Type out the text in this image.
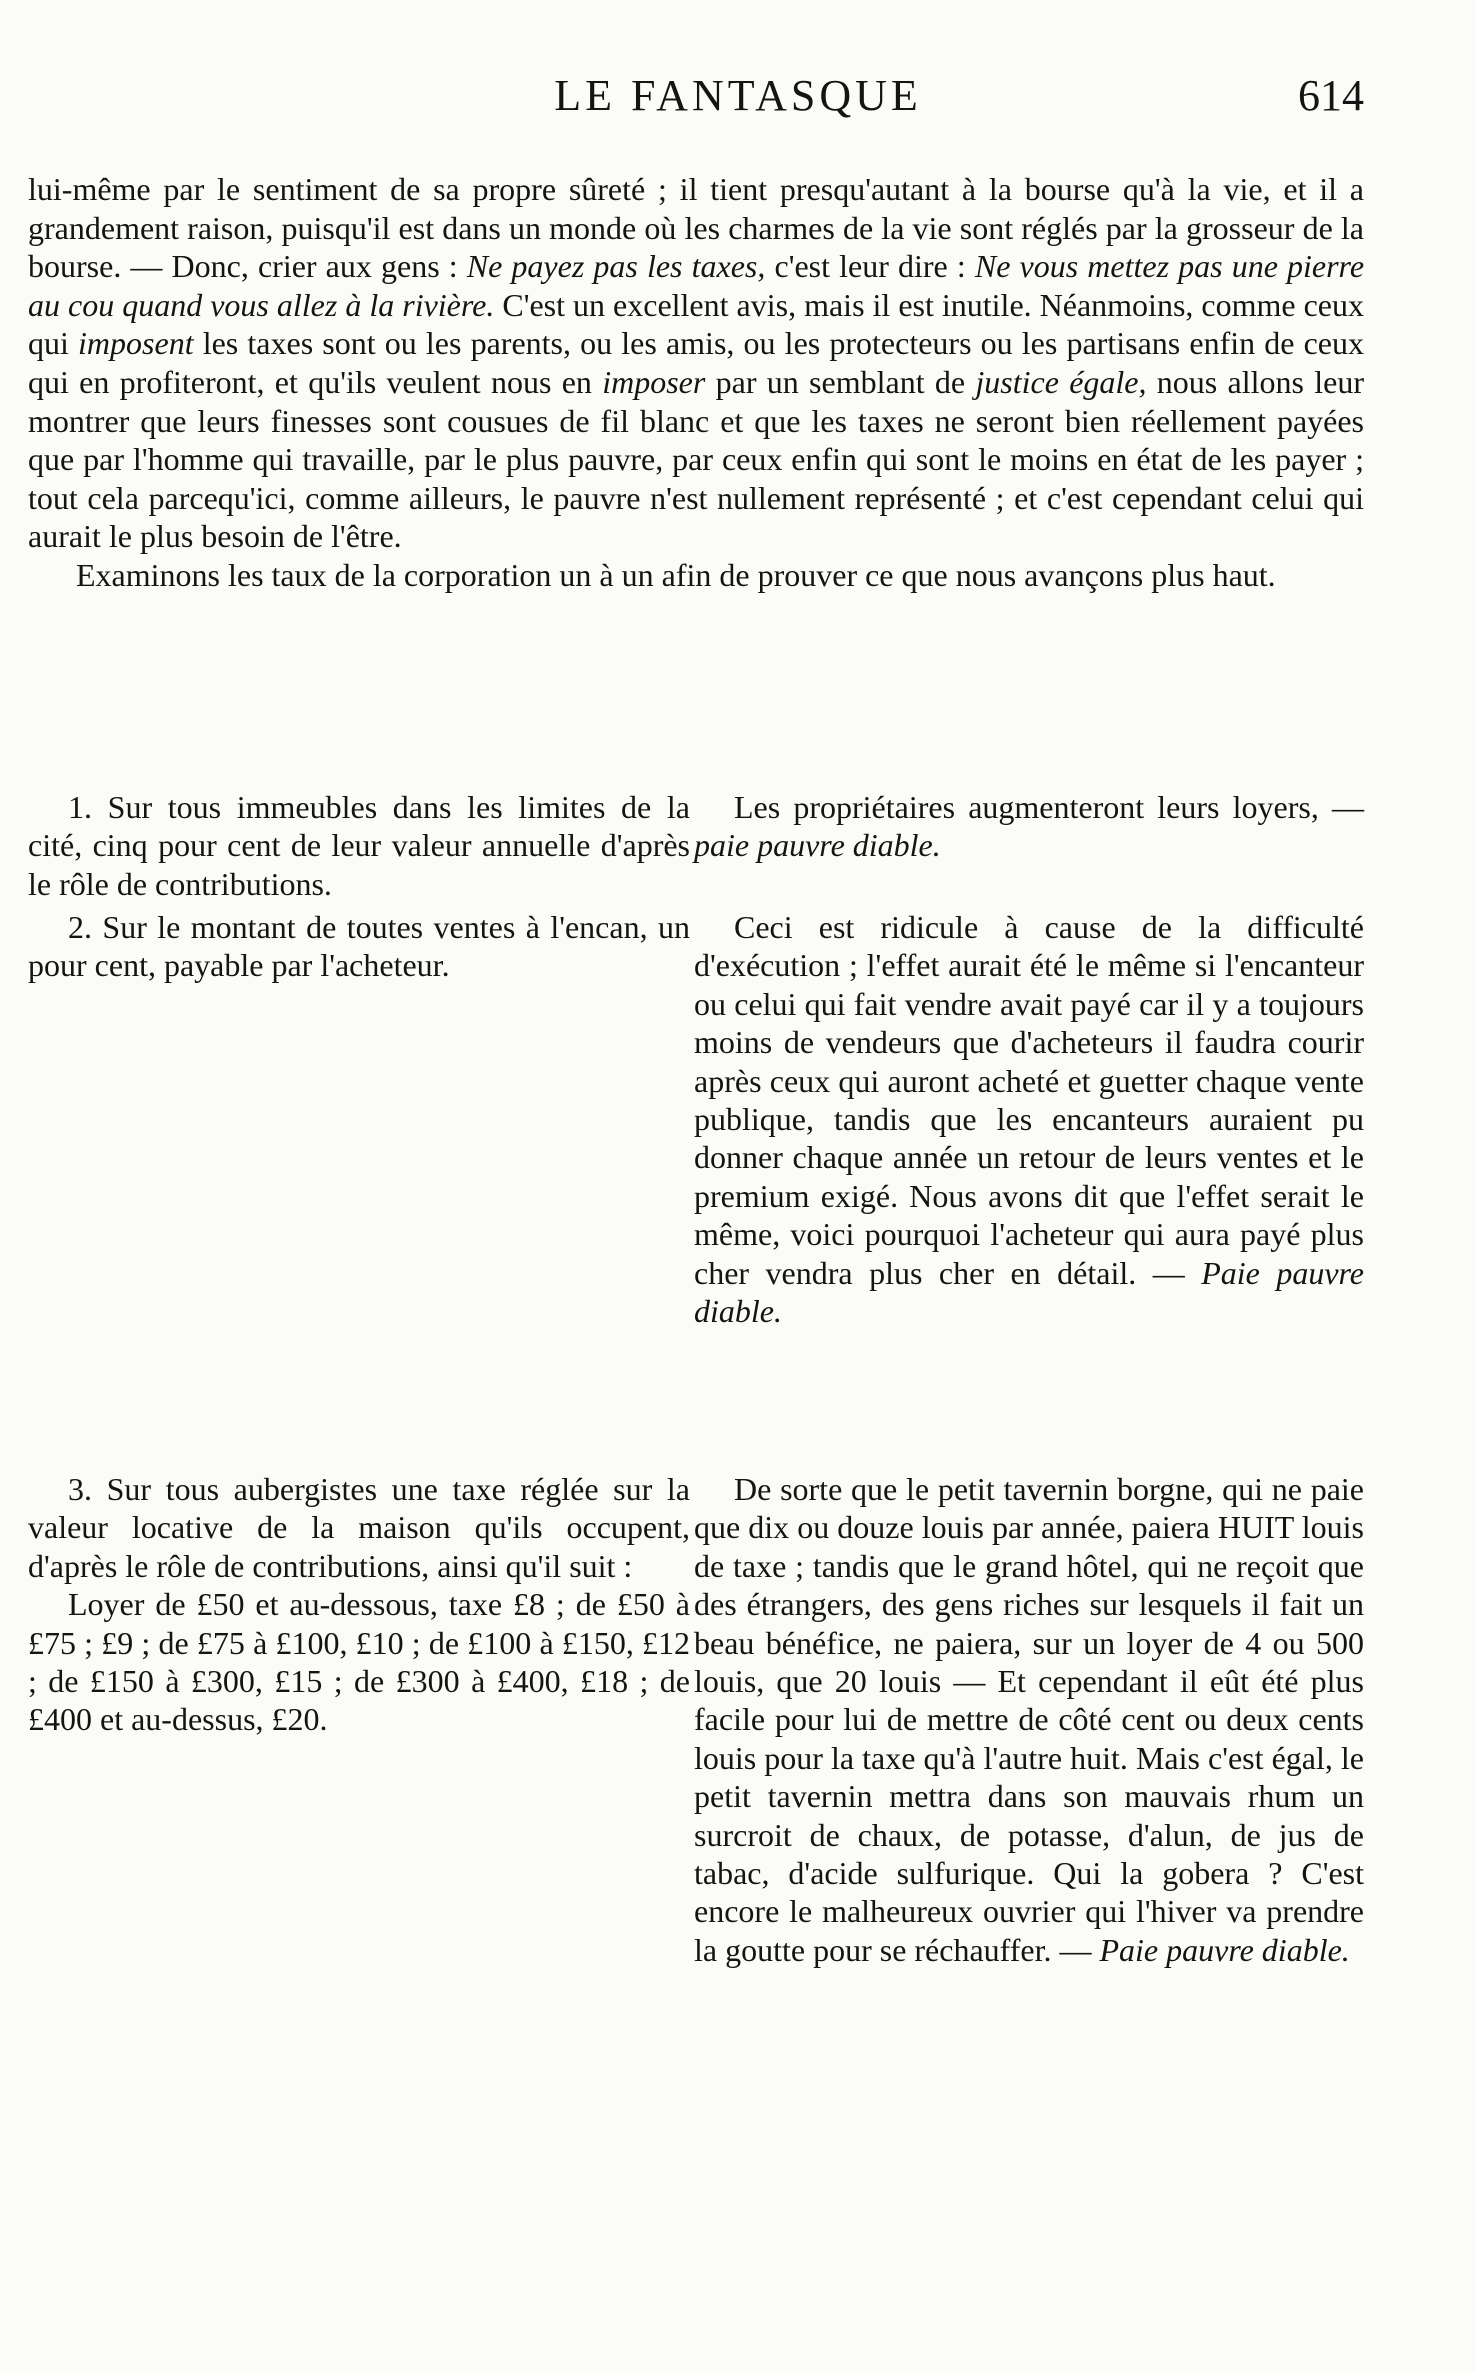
LE FANTASQUE	614

lui-même par le sentiment de sa propre sûreté ; il tient presqu'autant à la bourse qu'à la vie, et il a grandement raison, puisqu'il est dans un monde où les charmes de la vie sont réglés par la grosseur de la bourse. — Donc, crier aux gens : Ne payez pas les taxes, c'est leur dire : Ne vous mettez pas une pierre au cou quand vous allez à la rivière. C'est un excellent avis, mais il est inutile. Néanmoins, comme ceux qui imposent les taxes sont ou les parents, ou les amis, ou les protecteurs ou les partisans enfin de ceux qui en profiteront, et qu'ils veulent nous en imposer par un semblant de justice égale, nous allons leur montrer que leurs finesses sont cousues de fil blanc et que les taxes ne seront bien réellement payées que par l'homme qui travaille, par le plus pauvre, par ceux enfin qui sont le moins en état de les payer ; tout cela parcequ'ici, comme ailleurs, le pauvre n'est nullement représenté ; et c'est cependant celui qui aurait le plus besoin de l'être.

Examinons les taux de la corporation un à un afin de prouver ce que nous avançons plus haut.

1. Sur tous immeubles dans les limites de la cité, cinq pour cent de leur valeur annuelle d'après le rôle de contributions.

Les propriétaires augmenteront leurs loyers, — paie pauvre diable.

2. Sur le montant de toutes ventes à l'encan, un pour cent, payable par l'acheteur.

Ceci est ridicule à cause de la difficulté d'exécution ; l'effet aurait été le même si l'encanteur ou celui qui fait vendre avait payé car il y a toujours moins de vendeurs que d'acheteurs il faudra courir après ceux qui auront acheté et guetter chaque vente publique, tandis que les encanteurs auraient pu donner chaque année un retour de leurs ventes et le premium exigé. Nous avons dit que l'effet serait le même, voici pourquoi l'acheteur qui aura payé plus cher vendra plus cher en détail. — Paie pauvre diable.

3. Sur tous aubergistes une taxe réglée sur la valeur locative de la maison qu'ils occupent, d'après le rôle de contributions, ainsi qu'il suit :

Loyer de £50 et au-dessous, taxe £8 ; de £50 à £75 ; £9 ; de £75 à £100, £10 ; de £100 à £150, £12 ; de £150 à £300, £15 ; de £300 à £400, £18 ; de £400 et au-dessus, £20.

De sorte que le petit tavernin borgne, qui ne paie que dix ou douze louis par année, paiera HUIT louis de taxe ; tandis que le grand hôtel, qui ne reçoit que des étrangers, des gens riches sur lesquels il fait un beau bénéfice, ne paiera, sur un loyer de 4 ou 500 louis, que 20 louis — Et cependant il eût été plus facile pour lui de mettre de côté cent ou deux cents louis pour la taxe qu'à l'autre huit. Mais c'est égal, le petit tavernin mettra dans son mauvais rhum un surcroit de chaux, de potasse, d'alun, de jus de tabac, d'acide sulfurique. Qui la gobera ? C'est encore le malheureux ouvrier qui l'hiver va prendre la goutte pour se réchauffer. — Paie pauvre diable.
